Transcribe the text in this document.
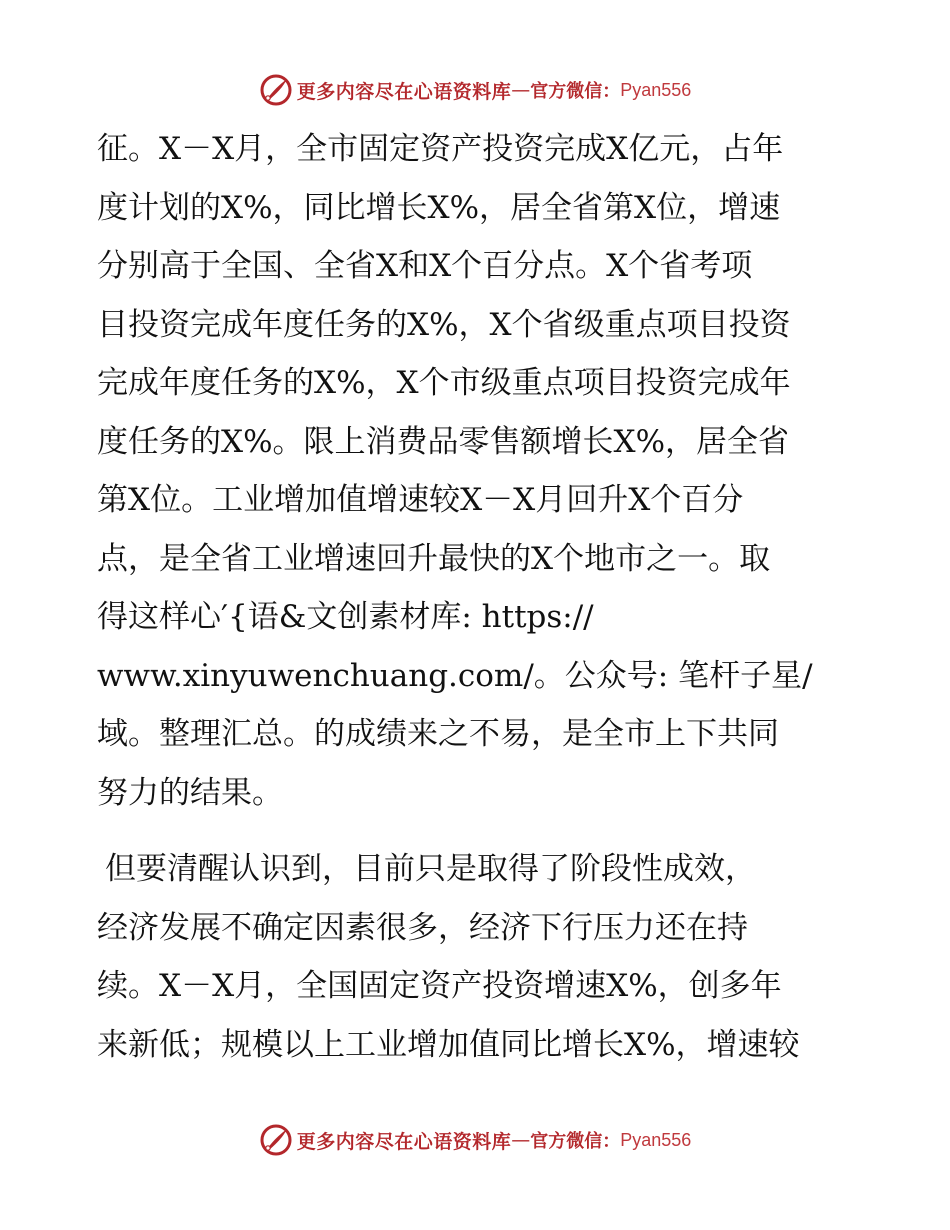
更多内容尽在心语资料库 — 官方微信： Pyan556
征。X－X月，全市固定资产投资完成X亿元，占年
度计划的X%，同比增长X%，居全省第X位，增速
分别高于全国、全省X和X个百分点。X个省考项
目投资完成年度任务的X%，X个省级重点项目投资
完成年度任务的X%，X个市级重点项目投资完成年
度任务的X%。限上消费品零售额增长X%，居全省
第X位。工业增加值增速较X－X月回升X个百分
点，是全省工业增速回升最快的X个地市之一。取
得这样心′{语&文创素材库: https://
www.xinyuwenchuang.com/。公众号: 笔杆子星/
域。整理汇总。的成绩来之不易，是全市上下共同
努力的结果。
但要清醒认识到，目前只是取得了阶段性成效，
经济发展不确定因素很多，经济下行压力还在持
续。X－X月，全国固定资产投资增速X%，创多年
来新低；规模以上工业增加值同比增长X%，增速较
更多内容尽在心语资料库 — 官方微信： Pyan556
